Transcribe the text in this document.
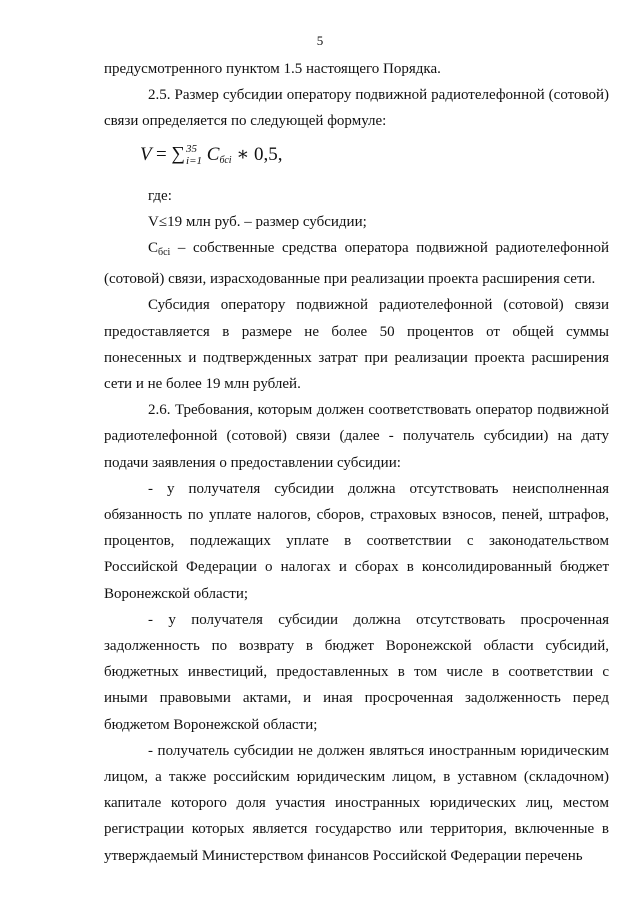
5

предусмотренного пунктом 1.5 настоящего Порядка.

2.5. Размер субсидии оператору подвижной радиотелефонной (сотовой) связи определяется по следующей формуле:

V = ∑ 35
i=1 $C_{бсi}$ ∗ 0,5,

где:

V≤19 млн руб. – размер субсидии;

$С_{бсi}$ – собственные средства оператора подвижной радиотелефонной (сотовой) связи, израсходованные при реализации проекта расширения сети.

Субсидия оператору подвижной радиотелефонной (сотовой) связи предоставляется в размере не более 50 процентов от общей суммы понесенных и подтвержденных затрат при реализации проекта расширения сети и не более 19 млн рублей.

2.6. Требования, которым должен соответствовать оператор подвижной радиотелефонной (сотовой) связи (далее - получатель субсидии) на дату подачи заявления о предоставлении субсидии:

- у получателя субсидии должна отсутствовать неисполненная обязанность по уплате налогов, сборов, страховых взносов, пеней, штрафов, процентов, подлежащих уплате в соответствии с законодательством Российской Федерации о налогах и сборах в консолидированный бюджет Воронежской области;

- у получателя субсидии должна отсутствовать просроченная задолженность по возврату в бюджет Воронежской области субсидий, бюджетных инвестиций, предоставленных в том числе в соответствии с иными правовыми актами, и иная просроченная задолженность перед бюджетом Воронежской области;

- получатель субсидии не должен являться иностранным юридическим лицом, а также российским юридическим лицом, в уставном (складочном) капитале которого доля участия иностранных юридических лиц, местом регистрации которых является государство или территория, включенные в утверждаемый Министерством финансов Российской Федерации перечень
